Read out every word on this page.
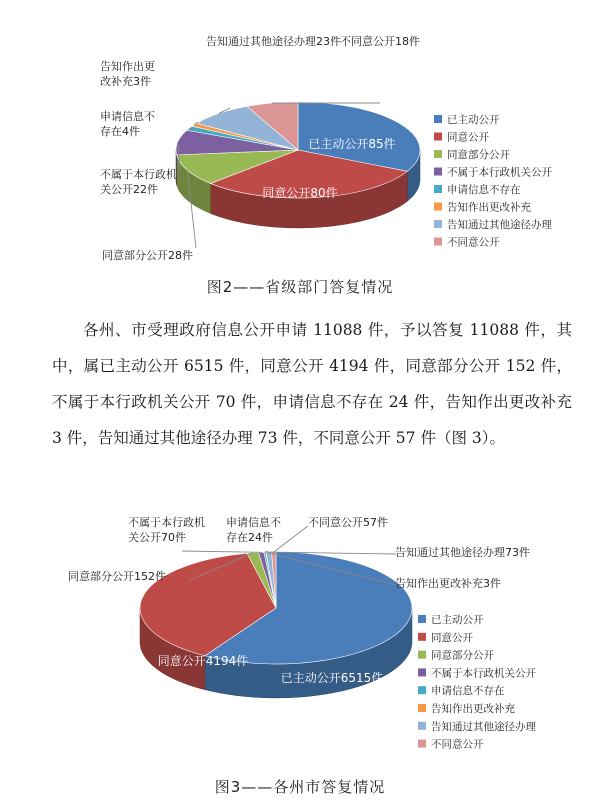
已主动公开85件
同意公开80件
同意部分公开28件
不属于本行政机关公开22件
申请信息不存在4件
告知作出更改补充3件
告知通过其他途径办理23件 不同意公开18件
已主动公开
同意公开
同意部分公开
不属于本行政机关公开
申请信息不存在
告知作出更改补充
告知通过其他途径办理
不同意公开
图2——省级部门答复情况
各州、市受理政府信息公开申请 11088 件，予以答复 11088 件，其中，属已主动公开 6515 件，同意公开 4194 件，同意部分公开 152 件，不属于本行政机关公开 70 件，申请信息不存在 24 件，告知作出更改补充 3 件，告知通过其他途径办理 73 件，不同意公开 57 件（图 3）。
已主动公开6515件
同意公开4194件
同意部分公开152件
不属于本行政机关公开70件
申请信息不存在24件
告知作出更改补充3件
告知通过其他途径办理73件
不同意公开57件
已主动公开
同意公开
同意部分公开
不属于本行政机关公开
申请信息不存在
告知作出更改补充
告知通过其他途径办理
不同意公开
图3——各州市答复情况
